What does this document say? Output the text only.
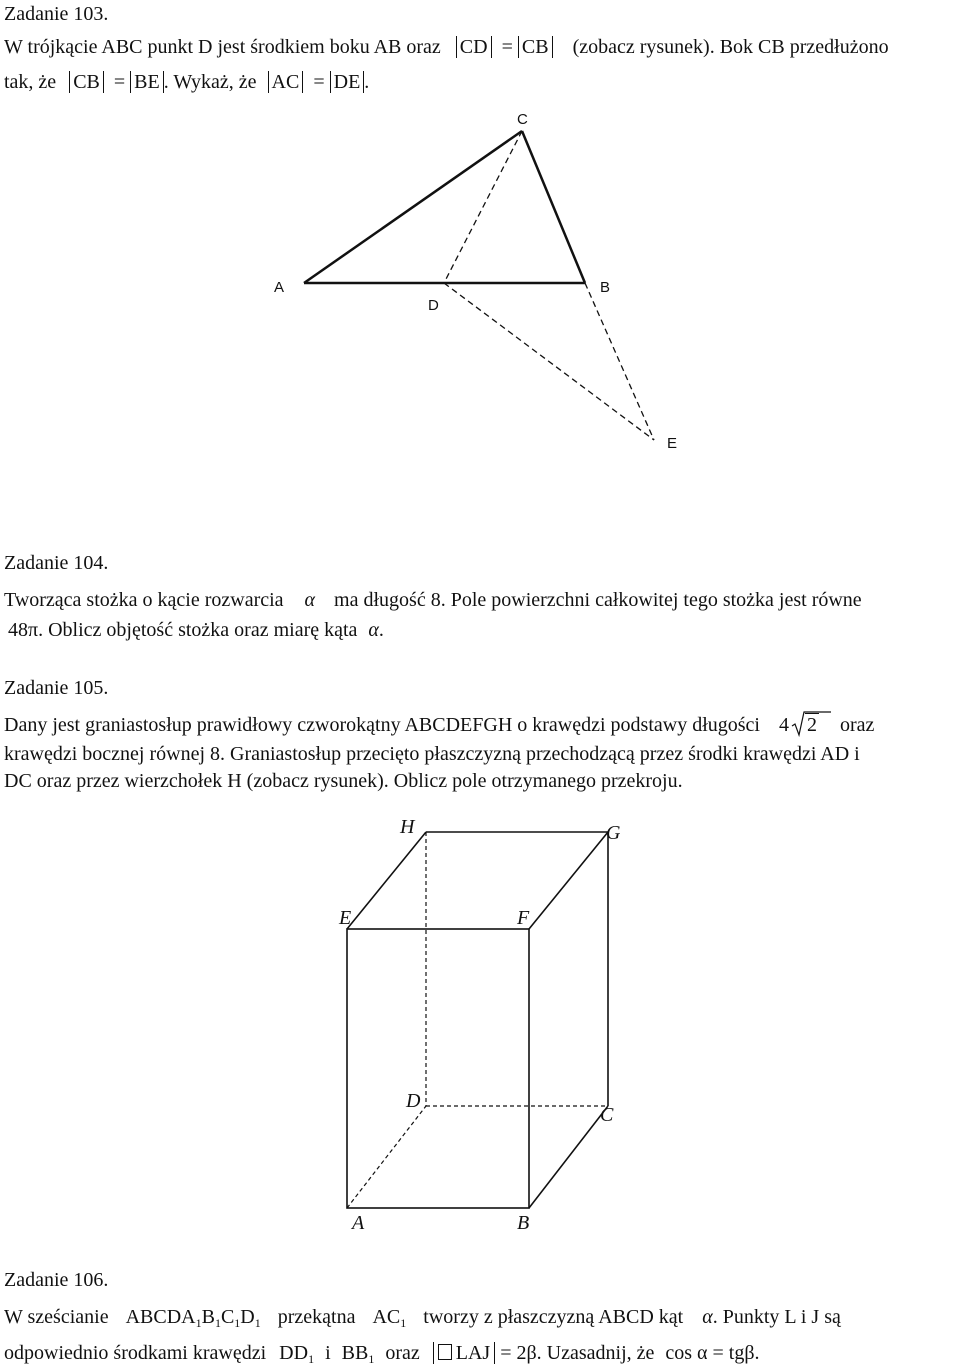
Zadanie 103.
W trójkącie ABC punkt D jest środkiem boku AB oraz CD = CB (zobacz rysunek). Bok CB przedłużono
tak, że CB = BE . Wykaż, że AC = DE .
C
A
D
B
E
Zadanie 104.
Tworząca stożka o kącie rozwarcia α ma długość 8. Pole powierzchni całkowitej tego stożka jest równe
48π. Oblicz objętość stożka oraz miarę kąta α.
Zadanie 105.
Dany jest graniastosłup prawidłowy czworokątny ABCDEFGH o krawędzi podstawy długości 4 2 oraz
krawędzi bocznej równej 8. Graniastosłup przecięto płaszczyzną przechodzącą przez środki krawędzi AD i
DC oraz przez wierzchołek H (zobacz rysunek). Oblicz pole otrzymanego przekroju.
H	G
E	F
D
C
A	B
Zadanie 106.
W sześcianie $ABCDA_1B_1C_1D_1$ przekątna $AC_1$ tworzy z płaszczyzną ABCD kąt α. Punkty L i J są
odpowiednio środkami krawędzi $DD_1$ i $BB_1$ oraz LAJ = 2β. Uzasadnij, że cos α = tgβ.
